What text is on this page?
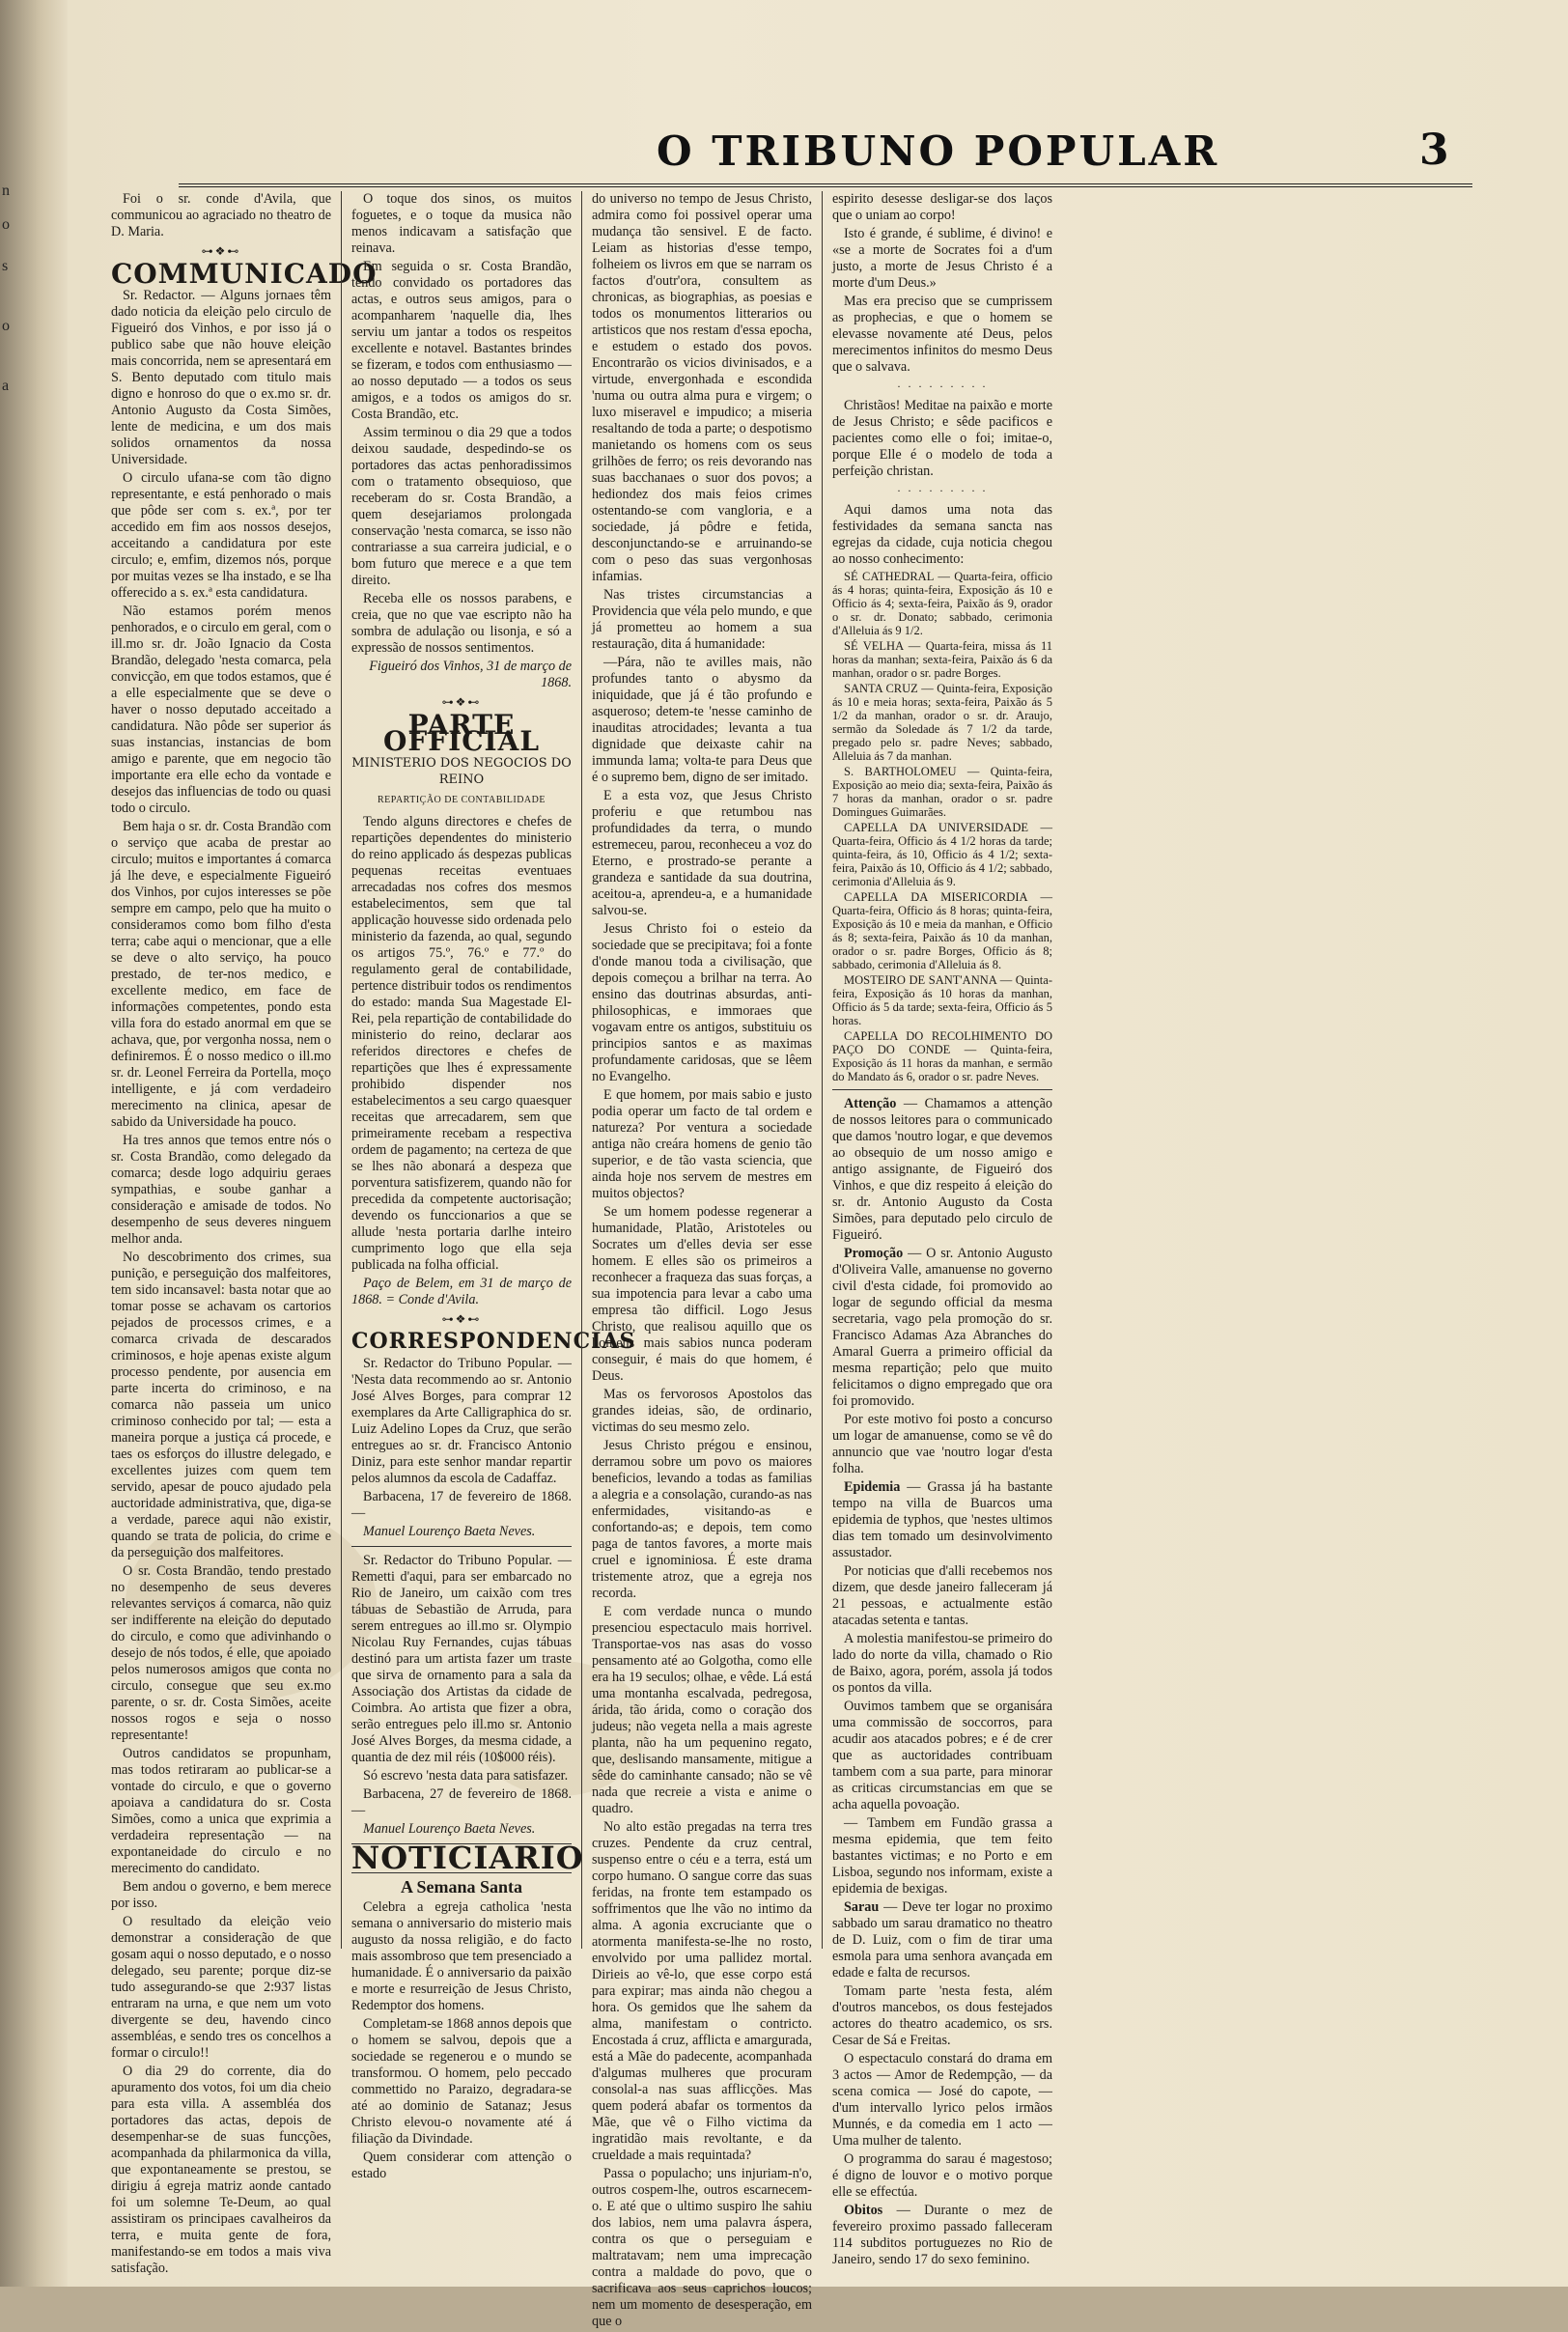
n
o
s
o
a
O TRIBUNO POPULAR	3

Foi o sr. conde d'Avila, que communicou ao agraciado no theatro de D. Maria.

⊶❖⊷
COMMUNICADO

Sr. Redactor. — Alguns jornaes têm dado noticia da eleição pelo circulo de Figueiró dos Vinhos, e por isso já o publico sabe que não houve eleição mais concorrida, nem se apresentará em S. Bento deputado com titulo mais digno e honroso do que o ex.mo sr. dr. Antonio Augusto da Costa Simões, lente de medicina, e um dos mais solidos ornamentos da nossa Universidade.

O circulo ufana-se com tão digno representante, e está penhorado o mais que pôde ser com s. ex.ª, por ter accedido em fim aos nossos desejos, acceitando a candidatura por este circulo; e, emfim, dizemos nós, porque por muitas vezes se lha instado, e se lha offerecido a s. ex.ª esta candidatura.

Não estamos porém menos penhorados, e o circulo em geral, com o ill.mo sr. dr. João Ignacio da Costa Brandão, delegado 'nesta comarca, pela convicção, em que todos estamos, que é a elle especialmente que se deve o haver o nosso deputado acceitado a candidatura. Não pôde ser superior ás suas instancias, instancias de bom amigo e parente, que em negocio tão importante era elle echo da vontade e desejos das influencias de todo ou quasi todo o circulo.

Bem haja o sr. dr. Costa Brandão com o serviço que acaba de prestar ao circulo; muitos e importantes á comarca já lhe deve, e especialmente Figueiró dos Vinhos, por cujos interesses se põe sempre em campo, pelo que ha muito o consideramos como bom filho d'esta terra; cabe aqui o mencionar, que a elle se deve o alto serviço, ha pouco prestado, de ter-nos medico, e excellente medico, em face de informações competentes, pondo esta villa fora do estado anormal em que se achava, que, por vergonha nossa, nem o definiremos. É o nosso medico o ill.mo sr. dr. Leonel Ferreira da Portella, moço intelligente, e já com verdadeiro merecimento na clinica, apesar de sabido da Universidade ha pouco.

Ha tres annos que temos entre nós o sr. Costa Brandão, como delegado da comarca; desde logo adquiriu geraes sympathias, e soube ganhar a consideração e amisade de todos. No desempenho de seus deveres ninguem melhor anda.

No descobrimento dos crimes, sua punição, e perseguição dos malfeitores, tem sido incansavel: basta notar que ao tomar posse se achavam os cartorios pejados de processos crimes, e a comarca crivada de descarados criminosos, e hoje apenas existe algum processo pendente, por ausencia em parte incerta do criminoso, e na comarca não passeia um unico criminoso conhecido por tal; — esta a maneira porque a justiça cá procede, e taes os esforços do illustre delegado, e excellentes juizes com quem tem servido, apesar de pouco ajudado pela auctoridade administrativa, que, diga-se a verdade, parece aqui não existir, quando se trata de policia, do crime e da perseguição dos malfeitores.

O sr. Costa Brandão, tendo prestado no desempenho de seus deveres relevantes serviços á comarca, não quiz ser indifferente na eleição do deputado do circulo, e como que adivinhando o desejo de nós todos, é elle, que apoiado pelos numerosos amigos que conta no circulo, consegue que seu ex.mo parente, o sr. dr. Costa Simões, aceite nossos rogos e seja o nosso representante!

Outros candidatos se propunham, mas todos retiraram ao publicar-se a vontade do circulo, e que o governo apoiava a candidatura do sr. Costa Simões, como a unica que exprimia a verdadeira representação — na expontaneidade do circulo e no merecimento do candidato.

Bem andou o governo, e bem merece por isso.

O resultado da eleição veio demonstrar a consideração de que gosam aqui o nosso deputado, e o nosso delegado, seu parente; porque diz-se tudo assegurando-se que 2:937 listas entraram na urna, e que nem um voto divergente se deu, havendo cinco assembléas, e sendo tres os concelhos a formar o circulo!!

O dia 29 do corrente, dia do apuramento dos votos, foi um dia cheio para esta villa. A assembléa dos portadores das actas, depois de desempenhar-se de suas funcções, acompanhada da philarmonica da villa, que expontaneamente se prestou, se dirigiu á egreja matriz aonde cantado foi um solemne Te-Deum, ao qual assistiram os principaes cavalheiros da terra, e muita gente de fora, manifestando-se em todos a mais viva satisfação.

O toque dos sinos, os muitos foguetes, e o toque da musica não menos indicavam a satisfação que reinava.

Em seguida o sr. Costa Brandão, tendo convidado os portadores das actas, e outros seus amigos, para o acompanharem 'naquelle dia, lhes serviu um jantar a todos os respeitos excellente e notavel. Bastantes brindes se fizeram, e todos com enthusiasmo — ao nosso deputado — a todos os seus amigos, e a todos os amigos do sr. Costa Brandão, etc.

Assim terminou o dia 29 que a todos deixou saudade, despedindo-se os portadores das actas penhoradissimos com o tratamento obsequioso, que receberam do sr. Costa Brandão, a quem desejariamos prolongada conservação 'nesta comarca, se isso não contrariasse a sua carreira judicial, e o bom futuro que merece e a que tem direito.

Receba elle os nossos parabens, e creia, que no que vae escripto não ha sombra de adulação ou lisonja, e só a expressão de nossos sentimentos.

Figueiró dos Vinhos, 31 de março de 1868.

⊶❖⊷
PARTE OFFICIAL
MINISTERIO DOS NEGOCIOS DO REINO
REPARTIÇÃO DE CONTABILIDADE

Tendo alguns directores e chefes de repartições dependentes do ministerio do reino applicado ás despezas publicas pequenas receitas eventuaes arrecadadas nos cofres dos mesmos estabelecimentos, sem que tal applicação houvesse sido ordenada pelo ministerio da fazenda, ao qual, segundo os artigos 75.º, 76.º e 77.º do regulamento geral de contabilidade, pertence distribuir todos os rendimentos do estado: manda Sua Magestade El-Rei, pela repartição de contabilidade do ministerio do reino, declarar aos referidos directores e chefes de repartições que lhes é expressamente prohibido dispender nos estabelecimentos a seu cargo quaesquer receitas que arrecadarem, sem que primeiramente recebam a respectiva ordem de pagamento; na certeza de que se lhes não abonará a despeza que porventura satisfizerem, quando não for precedida da competente auctorisação; devendo os funccionarios a que se allude 'nesta portaria darlhe inteiro cumprimento logo que ella seja publicada na folha official.

Paço de Belem, em 31 de março de 1868. = Conde d'Avila.

⊶❖⊷
CORRESPONDENCIAS

Sr. Redactor do Tribuno Popular. — 'Nesta data recommendo ao sr. Antonio José Alves Borges, para comprar 12 exemplares da Arte Calligraphica do sr. Luiz Adelino Lopes da Cruz, que serão entregues ao sr. dr. Francisco Antonio Diniz, para este senhor mandar repartir pelos alumnos da escola de Cadaffaz.

Barbacena, 17 de fevereiro de 1868. —

Manuel Lourenço Baeta Neves.

Sr. Redactor do Tribuno Popular. — Remetti d'aqui, para ser embarcado no Rio de Janeiro, um caixão com tres tábuas de Sebastião de Arruda, para serem entregues ao ill.mo sr. Olympio Nicolau Ruy Fernandes, cujas tábuas destinó para um artista fazer um traste que sirva de ornamento para a sala da Associação dos Artistas da cidade de Coimbra. Ao artista que fizer a obra, serão entregues pelo ill.mo sr. Antonio José Alves Borges, da mesma cidade, a quantia de dez mil réis (10$000 réis).

Só escrevo 'nesta data para satisfazer.

Barbacena, 27 de fevereiro de 1868. —

Manuel Lourenço Baeta Neves.

NOTICIARIO
A Semana Santa

Celebra a egreja catholica 'nesta semana o anniversario do misterio mais augusto da nossa religião, e do facto mais assombroso que tem presenciado a humanidade. É o anniversario da paixão e morte e resurreição de Jesus Christo, Redemptor dos homens.

Completam-se 1868 annos depois que o homem se salvou, depois que a sociedade se regenerou e o mundo se transformou. O homem, pelo peccado commettido no Paraizo, degradara-se até ao dominio de Satanaz; Jesus Christo elevou-o novamente até á filiação da Divindade.

Quem considerar com attenção o estado

do universo no tempo de Jesus Christo, admira como foi possivel operar uma mudança tão sensivel. E de facto. Leiam as historias d'esse tempo, folheiem os livros em que se narram os factos d'outr'ora, consultem as chronicas, as biographias, as poesias e todos os monumentos litterarios ou artisticos que nos restam d'essa epocha, e estudem o estado dos povos. Encontrarão os vicios divinisados, e a virtude, envergonhada e escondida 'numa ou outra alma pura e virgem; o luxo miseravel e impudico; a miseria resaltando de toda a parte; o despotismo manietando os homens com os seus grilhões de ferro; os reis devorando nas suas bacchanaes o suor dos povos; a hediondez dos mais feios crimes ostentando-se com vangloria, e a sociedade, já pôdre e fetida, desconjunctando-se e arruinando-se com o peso das suas vergonhosas infamias.

Nas tristes circumstancias a Providencia que véla pelo mundo, e que já prometteu ao homem a sua restauração, dita á humanidade:

—Pára, não te avilles mais, não profundes tanto o abysmo da iniquidade, que já é tão profundo e asqueroso; detem-te 'nesse caminho de inauditas atrocidades; levanta a tua dignidade que deixaste cahir na immunda lama; volta-te para Deus que é o supremo bem, digno de ser imitado.

E a esta voz, que Jesus Christo proferiu e que retumbou nas profundidades da terra, o mundo estremeceu, parou, reconheceu a voz do Eterno, e prostrado-se perante a grandeza e santidade da sua doutrina, aceitou-a, aprendeu-a, e a humanidade salvou-se.

Jesus Christo foi o esteio da sociedade que se precipitava; foi a fonte d'onde manou toda a civilisação, que depois começou a brilhar na terra. Ao ensino das doutrinas absurdas, anti-philosophicas, e immoraes que vogavam entre os antigos, substituiu os principios santos e as maximas profundamente caridosas, que se lêem no Evangelho.

E que homem, por mais sabio e justo podia operar um facto de tal ordem e natureza? Por ventura a sociedade antiga não creára homens de genio tão superior, e de tão vasta sciencia, que ainda hoje nos servem de mestres em muitos objectos?

Se um homem podesse regenerar a humanidade, Platão, Aristoteles ou Socrates um d'elles deviа ser esse homem. E elles são os primeiros a reconhecer a fraqueza das suas forças, a sua impotencia para levar a cabo uma empresa tão difficil. Logo Jesus Christo, que realisou aquillo que os homens mais sabios nunca poderam conseguir, é mais do que homem, é Deus.

Mas os fervorosos Apostolos das grandes ideias, são, de ordinario, victimas do seu mesmo zelo.

Jesus Christo prégou e ensinou, derramou sobre um povo os maiores beneficios, levando a todas as familias a alegria e a consolação, curando-as nas enfermidades, visitando-as e confortando-as; e depois, tem como paga de tantos favores, a morte mais cruel e ignominiosa. É este drama tristemente atroz, que a egreja nos recorda.

E com verdade nunca o mundo presenciou espectaculo mais horrivel. Transportae-vos nas asas do vosso pensamento até ao Golgotha, como elle era ha 19 seculos; olhae, e vêde. Lá está uma montanha escalvada, pedregosa, árida, tão árida, como o coração dos judeus; não vegeta nella a mais agreste planta, não ha um pequenino regato, que, deslisando mansamente, mitigue a sêde do caminhante cansado; não se vê nada que recreie a vista e anime o quadro.

No alto estão pregadas na terra tres cruzes. Pendente da cruz central, suspenso entre o céu e a terra, está um corpo humano. O sangue corre das suas feridas, na fronte tem estampado os soffrimentos que lhe vão no intimo da alma. A agonia excruciante que o atormenta manifesta-se-lhe no rosto, envolvido por uma pallidez mortal. Dirieis ao vê-lo, que esse corpo está para expirar; mas ainda não chegou a hora. Os gemidos que lhe sahem da alma, manifestam o contricto. Encostada á cruz, afflicta e amargurada, está a Mãe do padecente, acompanhada d'algumas mulheres que procuram consolal-a nas suas afflicções. Mas quem poderá abafar os tormentos da Mãe, que vê o Filho victima da ingratidão mais revoltante, e da crueldade a mais requintada?

Passa o populacho; uns injuriam-n'o, outros cospem-lhe, outros escarnecem-o. E até que o ultimo suspiro lhe sahiu dos labios, nem uma palavra áspera, contra os que o perseguiam e maltratavam; nem uma imprecação contra a maldade do povo, que o sacrificava aos seus caprichos loucos; nem um momento de desesperação, em que o

espirito desesse desligar-se dos laços que o uniam ao corpo!

Isto é grande, é sublime, é divino! e «se a morte de Socrates foi a d'um justo, a morte de Jesus Christo é a morte d'um Deus.»

Mas era preciso que se cumprissem as prophecias, e que o homem se elevasse novamente até Deus, pelos merecimentos infinitos do mesmo Deus que o salvava.

· · · · · · · · ·

Christãos! Meditae na paixão e morte de Jesus Christo; e sêde pacificos e pacientes como elle o foi; imitae-o, porque Elle é o modelo de toda a perfeição christan.

· · · · · · · · ·

Aqui damos uma nota das festividades da semana sancta nas egrejas da cidade, cuja noticia chegou ao nosso conhecimento:

SÉ CATHEDRAL — Quarta-feira, officio ás 4 horas; quinta-feira, Exposição ás 10 e Officio ás 4; sexta-feira, Paixão ás 9, orador o sr. dr. Donato; sabbado, cerimonia d'Alleluia ás 9 1/2.

SÉ VELHA — Quarta-feira, missa ás 11 horas da manhan; sexta-feira, Paixão ás 6 da manhan, orador o sr. padre Borges.

SANTA CRUZ — Quinta-feira, Exposição ás 10 e meia horas; sexta-feira, Paixão ás 5 1/2 da manhan, orador o sr. dr. Araujo, sermão da Soledade ás 7 1/2 da tarde, pregado pelo sr. padre Neves; sabbado, Alleluia ás 7 da manhan.

S. BARTHOLOMEU — Quinta-feira, Exposição ao meio dia; sexta-feira, Paixão ás 7 horas da manhan, orador o sr. padre Domingues Guimarães.

CAPELLA DA UNIVERSIDADE — Quarta-feira, Officio ás 4 1/2 horas da tarde; quinta-feira, ás 10, Officio ás 4 1/2; sexta-feira, Paixão ás 10, Officio ás 4 1/2; sabbado, cerimonia d'Alleluia ás 9.

CAPELLA DA MISERICORDIA — Quarta-feira, Officio ás 8 horas; quinta-feira, Exposição ás 10 e meia da manhan, e Officio ás 8; sexta-feira, Paixão ás 10 da manhan, orador o sr. padre Borges, Officio ás 8; sabbado, cerimonia d'Alleluia ás 8.

MOSTEIRO DE SANT'ANNA — Quinta-feira, Exposição ás 10 horas da manhan, Officio ás 5 da tarde; sexta-feira, Officio ás 5 horas.

CAPELLA DO RECOLHIMENTO DO PAÇO DO CONDE — Quinta-feira, Exposição ás 11 horas da manhan, e sermão do Mandato ás 6, orador o sr. padre Neves.

Attenção — Chamamos a attenção de nossos leitores para o communicado que damos 'noutro logar, e que devemos ao obsequio de um nosso amigo e antigo assignante, de Figueiró dos Vinhos, e que diz respeito á eleição do sr. dr. Antonio Augusto da Costa Simões, para deputado pelo circulo de Figueiró.

Promoção — O sr. Antonio Augusto d'Oliveira Valle, amanuense no governo civil d'esta cidade, foi promovido ao logar de segundo official da mesma secretaria, vago pela promoção do sr. Francisco Adamas Aza Abranches do Amaral Guerra a primeiro official da mesma repartição; pelo que muito felicitamos o digno empregado que ora foi promovido.

Por este motivo foi posto a concurso um logar de amanuense, como se vê do annuncio que vae 'noutro logar d'esta folha.

Epidemia — Grassa já ha bastante tempo na villa de Buarcos uma epidemia de typhos, que 'nestes ultimos dias tem tomado um desinvolvimento assustador.

Por noticias que d'alli recebemos nos dizem, que desde janeiro falleceram já 21 pessoas, e actualmente estão atacadas setenta e tantas.

A molestia manifestou-se primeiro do lado do norte da villa, chamado o Rio de Baixo, agora, porém, assola já todos os pontos da villa.

Ouvimos tambem que se organisára uma commissão de soccorros, para acudir aos atacados pobres; e é de crer que as auctoridades contribuam tambem com a sua parte, para minorar as criticas circumstancias em que se acha aquella povoação.

— Tambem em Fundão grassa a mesma epidemia, que tem feito bastantes victimas; e no Porto e em Lisboa, segundo nos informam, existe a epidemia de bexigas.

Sarau — Deve ter logar no proximo sabbado um sarau dramatico no theatro de D. Luiz, com o fim de tirar uma esmola para uma senhora avançada em edade e falta de recursos.

Tomam parte 'nesta festa, além d'outros mancebos, os dous festejados actores do theatro academico, os srs. Cesar de Sá e Freitas.

O espectaculo constará do drama em 3 actos — Amor de Redempção, — da scena comica — José do capote, — d'um intervallo lyrico pelos irmãos Munnés, e da comedia em 1 acto — Uma mulher de talento.

O programma do sarau é magestoso; é digno de louvor e o motivo porque elle se effectúa.

Obitos — Durante o mez de fevereiro proximo passado falleceram 114 subditos portuguezes no Rio de Janeiro, sendo 17 do sexo feminino.
